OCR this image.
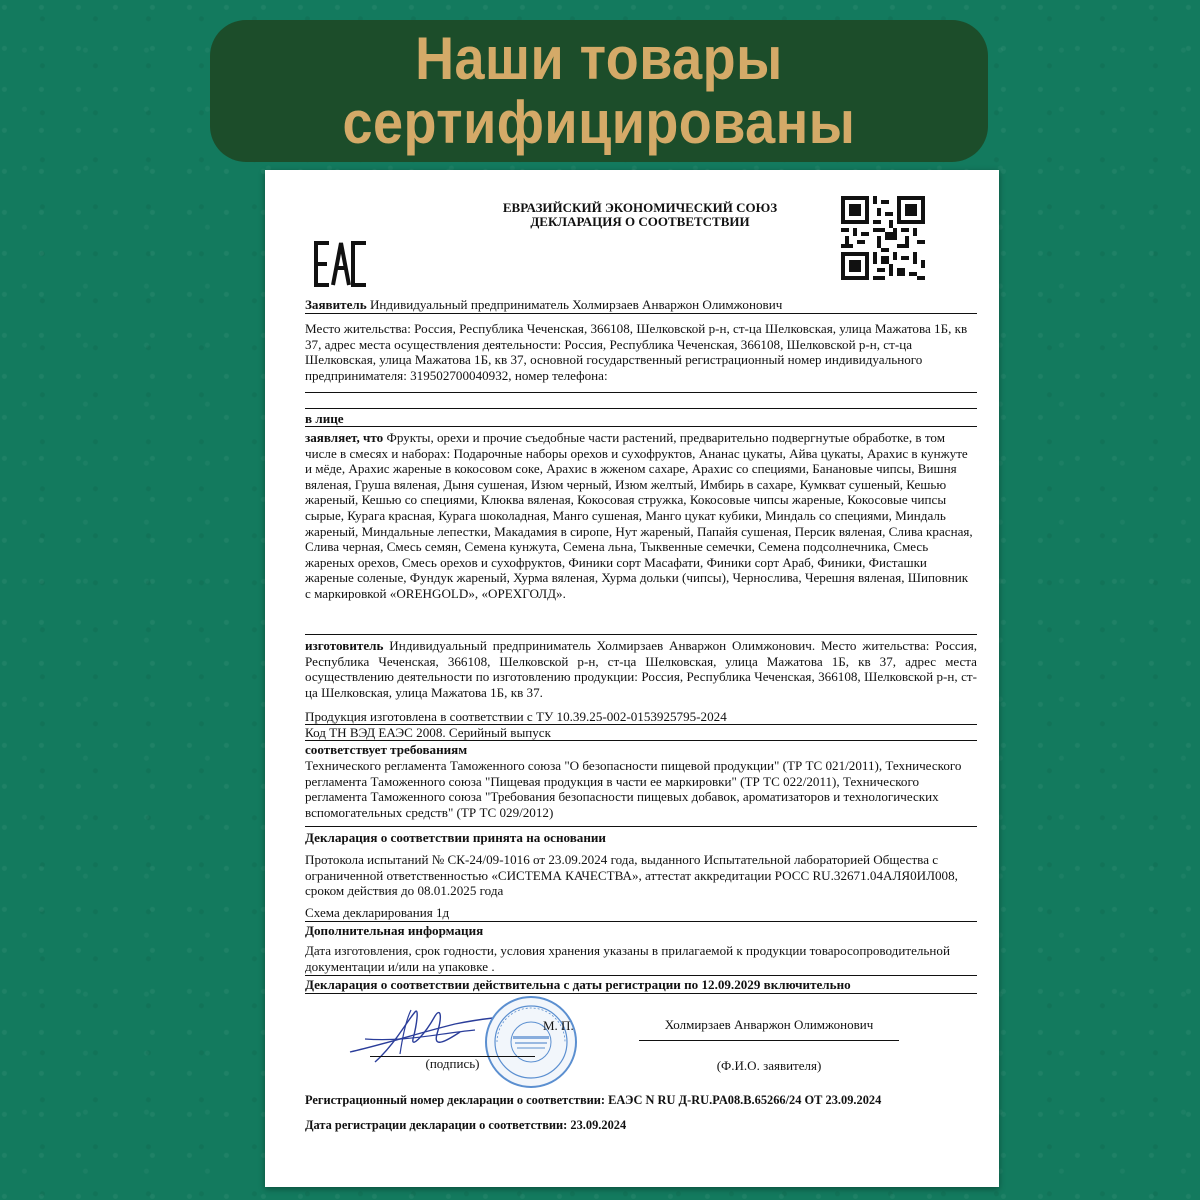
Наши товары
сертифицированы
ЕВРАЗИЙСКИЙ ЭКОНОМИЧЕСКИЙ СОЮЗ
ДЕКЛАРАЦИЯ О СООТВЕТСТВИИ
Заявитель Индивидуальный предприниматель Холмирзаев Анваржон Олимжонович
Место жительства: Россия, Республика Чеченская, 366108, Шелковской р-н, ст-ца Шелковская, улица Мажатова 1Б, кв 37, адрес места осуществления деятельности: Россия, Республика Чеченская, 366108, Шелковской р-н, ст-ца Шелковская, улица Мажатова 1Б, кв 37, основной государственный регистрационный номер индивидуального предпринимателя: 319502700040932, номер телефона:
в лице
заявляет, что Фрукты, орехи и прочие съедобные части растений, предварительно подвергнутые обработке, в том числе в смесях и наборах: Подарочные наборы орехов и сухофруктов, Ананас цукаты, Айва цукаты, Арахис в кунжуте и мёде, Арахис жареные в кокосовом соке, Арахис в жженом сахаре, Арахис со специями, Банановые чипсы, Вишня вяленая, Груша вяленая, Дыня сушеная, Изюм черный, Изюм желтый, Имбирь в сахаре, Кумкват сушеный, Кешью жареный, Кешью со специями, Клюква вяленая, Кокосовая стружка, Кокосовые чипсы жареные, Кокосовые чипсы сырые, Курага красная, Курага шоколадная, Манго сушеная, Манго цукат кубики, Миндаль со специями, Миндаль жареный, Миндальные лепестки, Макадамия в сиропе, Нут жареный, Папайя сушеная, Персик вяленая, Слива красная, Слива черная, Смесь семян, Семена кунжута, Семена льна, Тыквенные семечки, Семена подсолнечника, Смесь жареных орехов, Смесь орехов и сухофруктов, Финики сорт Масафати, Финики сорт Араб, Финики, Фисташки жареные соленые, Фундук жареный, Хурма вяленая, Хурма дольки (чипсы), Чернослива, Черешня вяленая, Шиповник с маркировкой «OREHGOLD», «ОРЕХГОЛД».
изготовитель Индивидуальный предприниматель Холмирзаев Анваржон Олимжонович. Место жительства: Россия, Республика Чеченская, 366108, Шелковской р-н, ст-ца Шелковская, улица Мажатова 1Б, кв 37, адрес места осуществлению деятельности по изготовлению продукции: Россия, Республика Чеченская, 366108, Шелковской р-н, ст-ца Шелковская, улица Мажатова 1Б, кв 37.
Продукция изготовлена в соответствии с ТУ 10.39.25-002-0153925795-2024
Код ТН ВЭД ЕАЭС 2008. Серийный выпуск
соответствует требованиям
Технического регламента Таможенного союза "О безопасности пищевой продукции" (ТР ТС 021/2011), Технического регламента Таможенного союза "Пищевая продукция в части ее маркировки" (ТР ТС 022/2011), Технического регламента Таможенного союза "Требования безопасности пищевых добавок, ароматизаторов и технологических вспомогательных средств" (ТР ТС 029/2012)
Декларация о соответствии принята на основании
Протокола испытаний № СК-24/09-1016 от 23.09.2024 года, выданного Испытательной лабораторией Общества с ограниченной ответственностью «СИСТЕМА КАЧЕСТВА», аттестат аккредитации РОСС RU.32671.04АЛЯ0ИЛ008, сроком действия до 08.01.2025 года
Схема декларирования 1д
Дополнительная информация
Дата изготовления, срок годности, условия хранения указаны в прилагаемой к продукции товаросопроводительной документации и/или на упаковке .
Декларация о соответствии действительна с даты регистрации по 12.09.2029 включительно
М. П.
(подпись)
Холмирзаев Анваржон Олимжонович
(Ф.И.О. заявителя)
Регистрационный номер декларации о соответствии: ЕАЭС N RU Д-RU.PA08.B.65266/24 ОТ 23.09.2024
Дата регистрации декларации о соответствии: 23.09.2024
